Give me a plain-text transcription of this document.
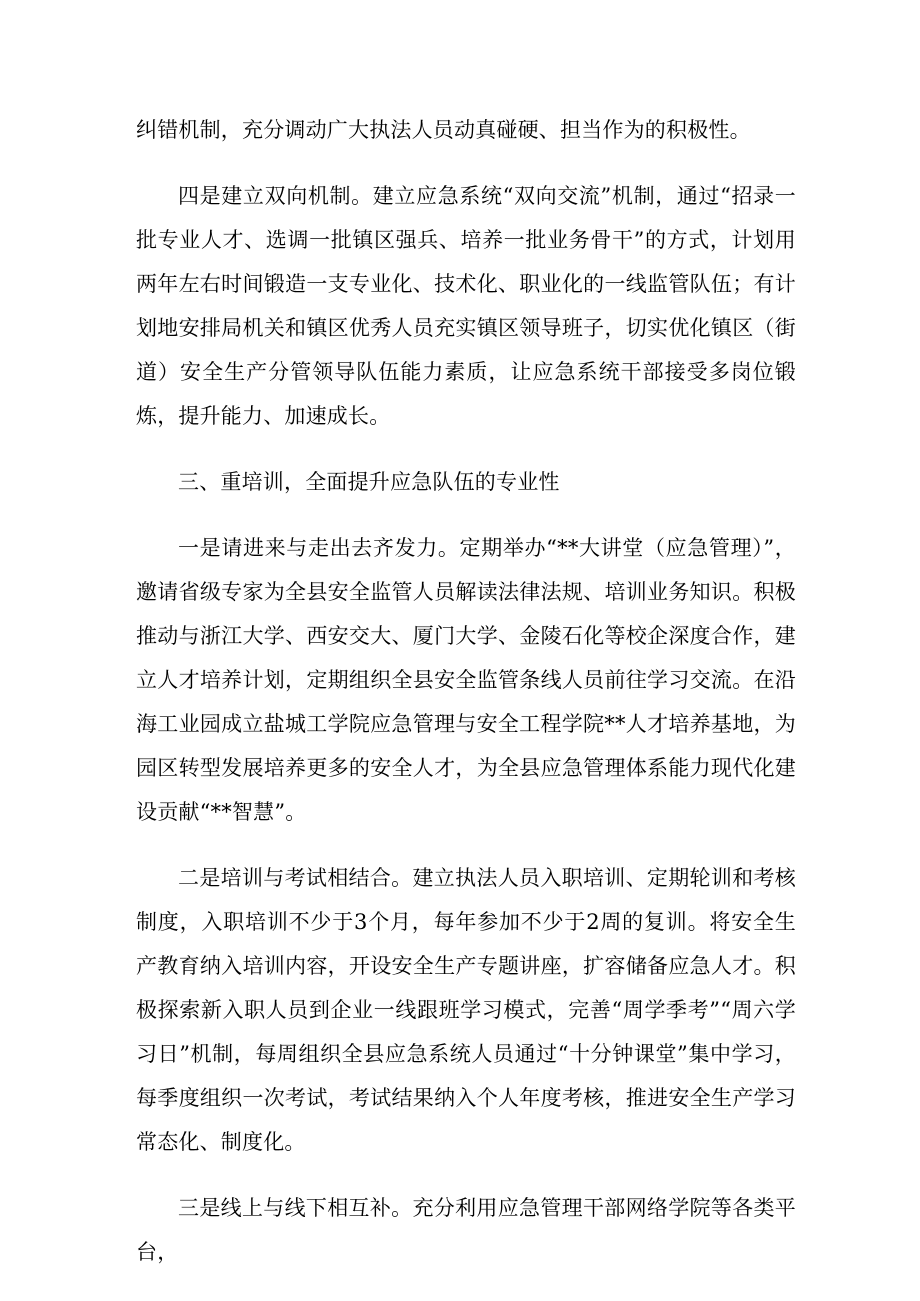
纠错机制，充分调动广大执法人员动真碰硬、担当作为的积极性。

四是建立双向机制。建立应急系统“双向交流”机制，通过“招录一批专业人才、选调一批镇区强兵、培养一批业务骨干”的方式，计划用两年左右时间锻造一支专业化、技术化、职业化的一线监管队伍；有计划地安排局机关和镇区优秀人员充实镇区领导班子，切实优化镇区（街道）安全生产分管领导队伍能力素质，让应急系统干部接受多岗位锻炼，提升能力、加速成长。

三、重培训，全面提升应急队伍的专业性

一是请进来与走出去齐发力。定期举办“**大讲堂（应急管理）”，邀请省级专家为全县安全监管人员解读法律法规、培训业务知识。积极推动与浙江大学、西安交大、厦门大学、金陵石化等校企深度合作，建立人才培养计划，定期组织全县安全监管条线人员前往学习交流。在沿海工业园成立盐城工学院应急管理与安全工程学院**人才培养基地，为园区转型发展培养更多的安全人才，为全县应急管理体系能力现代化建设贡献“**智慧”。

二是培训与考试相结合。建立执法人员入职培训、定期轮训和考核制度，入职培训不少于3个月，每年参加不少于2周的复训。将安全生产教育纳入培训内容，开设安全生产专题讲座，扩容储备应急人才。积极探索新入职人员到企业一线跟班学习模式，完善“周学季考”“周六学习日”机制，每周组织全县应急系统人员通过“十分钟课堂”集中学习，每季度组织一次考试，考试结果纳入个人年度考核，推进安全生产学习常态化、制度化。

三是线上与线下相互补。充分利用应急管理干部网络学院等各类平台，
